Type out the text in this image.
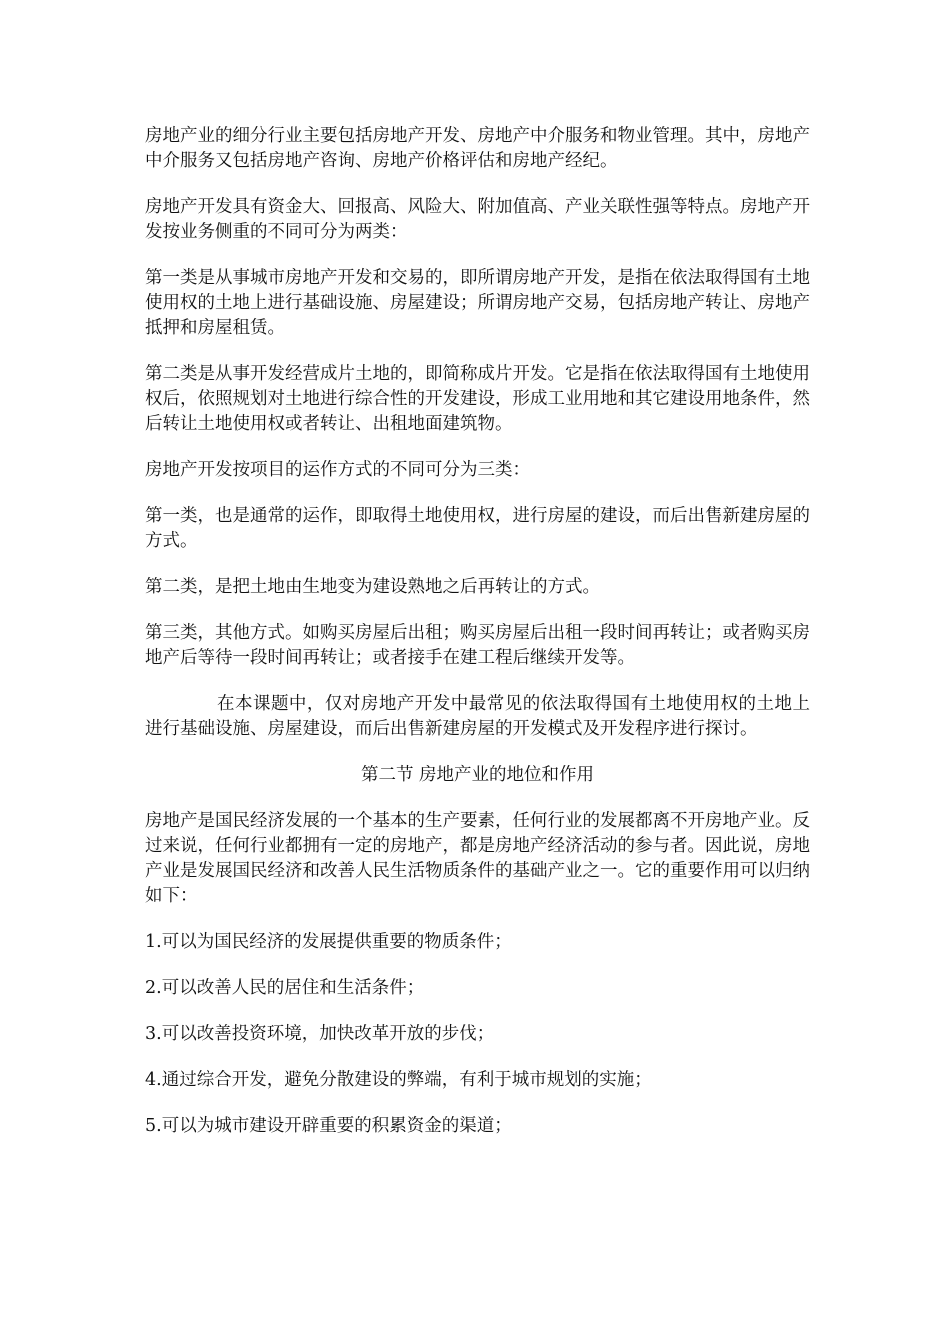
房地产业的细分行业主要包括房地产开发、房地产中介服务和物业管理。其中，房地产中介服务又包括房地产咨询、房地产价格评估和房地产经纪。

房地产开发具有资金大、回报高、风险大、附加值高、产业关联性强等特点。房地产开发按业务侧重的不同可分为两类：

第一类是从事城市房地产开发和交易的，即所谓房地产开发，是指在依法取得国有土地使用权的土地上进行基础设施、房屋建设；所谓房地产交易，包括房地产转让、房地产抵押和房屋租赁。

第二类是从事开发经营成片土地的，即简称成片开发。它是指在依法取得国有土地使用权后，依照规划对土地进行综合性的开发建设，形成工业用地和其它建设用地条件，然后转让土地使用权或者转让、出租地面建筑物。

房地产开发按项目的运作方式的不同可分为三类：

第一类，也是通常的运作，即取得土地使用权，进行房屋的建设，而后出售新建房屋的方式。

第二类，是把土地由生地变为建设熟地之后再转让的方式。

第三类，其他方式。如购买房屋后出租；购买房屋后出租一段时间再转让；或者购买房地产后等待一段时间再转让；或者接手在建工程后继续开发等。

在本课题中，仅对房地产开发中最常见的依法取得国有土地使用权的土地上进行基础设施、房屋建设，而后出售新建房屋的开发模式及开发程序进行探讨。

第二节 房地产业的地位和作用

房地产是国民经济发展的一个基本的生产要素，任何行业的发展都离不开房地产业。反过来说，任何行业都拥有一定的房地产，都是房地产经济活动的参与者。因此说，房地产业是发展国民经济和改善人民生活物质条件的基础产业之一。它的重要作用可以归纳如下：

1.可以为国民经济的发展提供重要的物质条件；

2.可以改善人民的居住和生活条件；

3.可以改善投资环境，加快改革开放的步伐；

4.通过综合开发，避免分散建设的弊端，有利于城市规划的实施；

5.可以为城市建设开辟重要的积累资金的渠道；
